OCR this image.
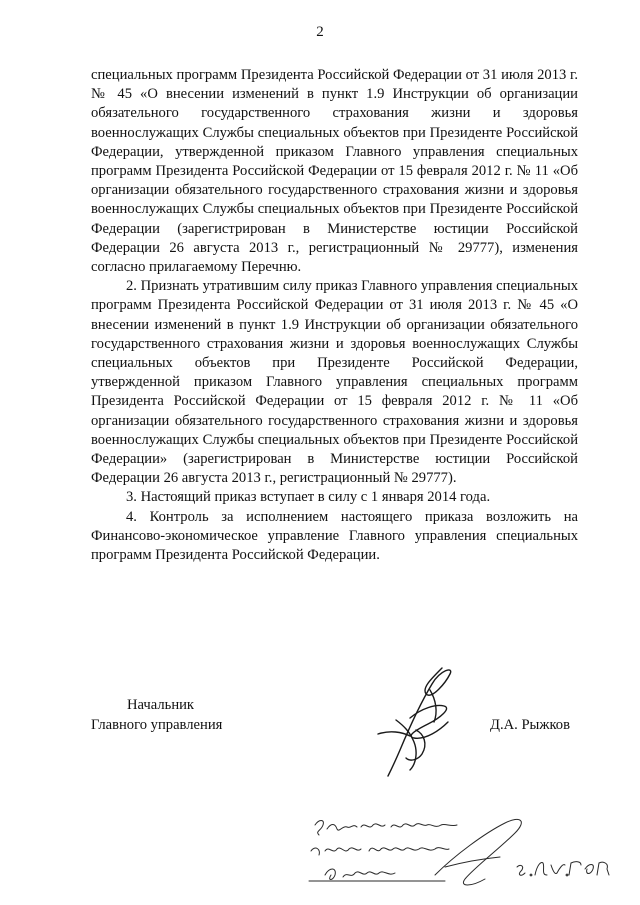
2

специальных программ Президента Российской Федерации от 31 июля 2013 г. № 45 «О внесении изменений в пункт 1.9 Инструкции об организации обязательного государственного страхования жизни и здоровья военнослужащих Службы специальных объектов при Президенте Российской Федерации, утвержденной приказом Главного управления специальных программ Президента Российской Федерации от 15 февраля 2012 г. № 11 «Об организации обязательного государственного страхования жизни и здоровья военнослужащих Службы специальных объектов при Президенте Российской Федерации (зарегистрирован в Министерстве юстиции Российской Федерации 26 августа 2013 г., регистрационный № 29777), изменения согласно прилагаемому Перечню.

2. Признать утратившим силу приказ Главного управления специальных программ Президента Российской Федерации от 31 июля 2013 г. № 45 «О внесении изменений в пункт 1.9 Инструкции об организации обязательного государственного страхования жизни и здоровья военнослужащих Службы специальных объектов при Президенте Российской Федерации, утвержденной приказом Главного управления специальных программ Президента Российской Федерации от 15 февраля 2012 г. № 11 «Об организации обязательного государственного страхования жизни и здоровья военнослужащих Службы специальных объектов при Президенте Российской Федерации» (зарегистрирован в Министерстве юстиции Российской Федерации 26 августа 2013 г., регистрационный № 29777).

3. Настоящий приказ вступает в силу с 1 января 2014 года.

4. Контроль за исполнением настоящего приказа возложить на Финансово-экономическое управление Главного управления специальных программ Президента Российской Федерации.

Начальник
Главного управления	Д.А. Рыжков
